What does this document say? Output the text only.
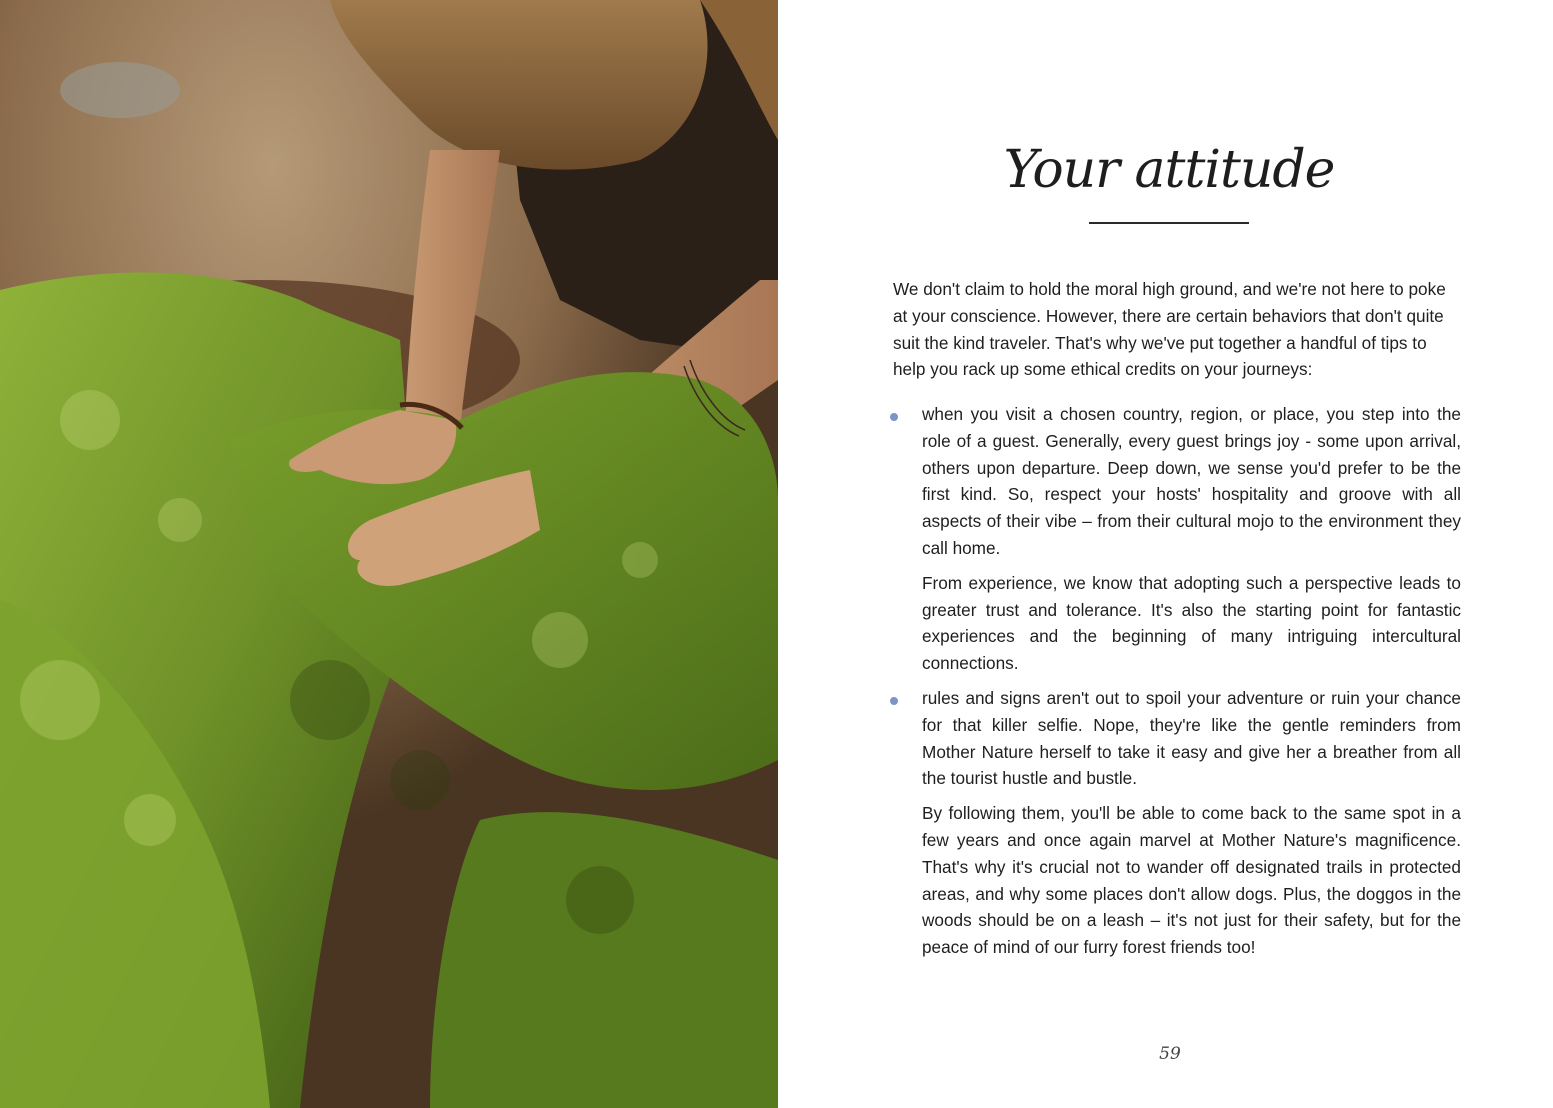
Your attitude

We don't claim to hold the moral high ground, and we're not here to poke at your conscience. However, there are certain behaviors that don't quite suit the kind traveler. That's why we've put together a handful of tips to help you rack up some ethical credits on your journeys:

when you visit a chosen country, region, or place, you step into the role of a guest. Generally, every guest brings joy - some upon arrival, others upon departure. Deep down, we sense you'd prefer to be the first kind. So, respect your hosts' hospitality and groove with all aspects of their vibe – from their cultural mojo to the environment they call home.

From experience, we know that adopting such a perspective leads to greater trust and tolerance. It's also the starting point for fantastic experiences and the beginning of many intriguing intercultural connections.

rules and signs aren't out to spoil your adventure or ruin your chance for that killer selfie. Nope, they're like the gentle reminders from Mother Nature herself to take it easy and give her a breather from all the tourist hustle and bustle.

By following them, you'll be able to come back to the same spot in a few years and once again marvel at Mother Nature's magnificence. That's why it's crucial not to wander off designated trails in protected areas, and why some places don't allow dogs. Plus, the doggos in the woods should be on a leash – it's not just for their safety, but for the peace of mind of our furry forest friends too!

59
